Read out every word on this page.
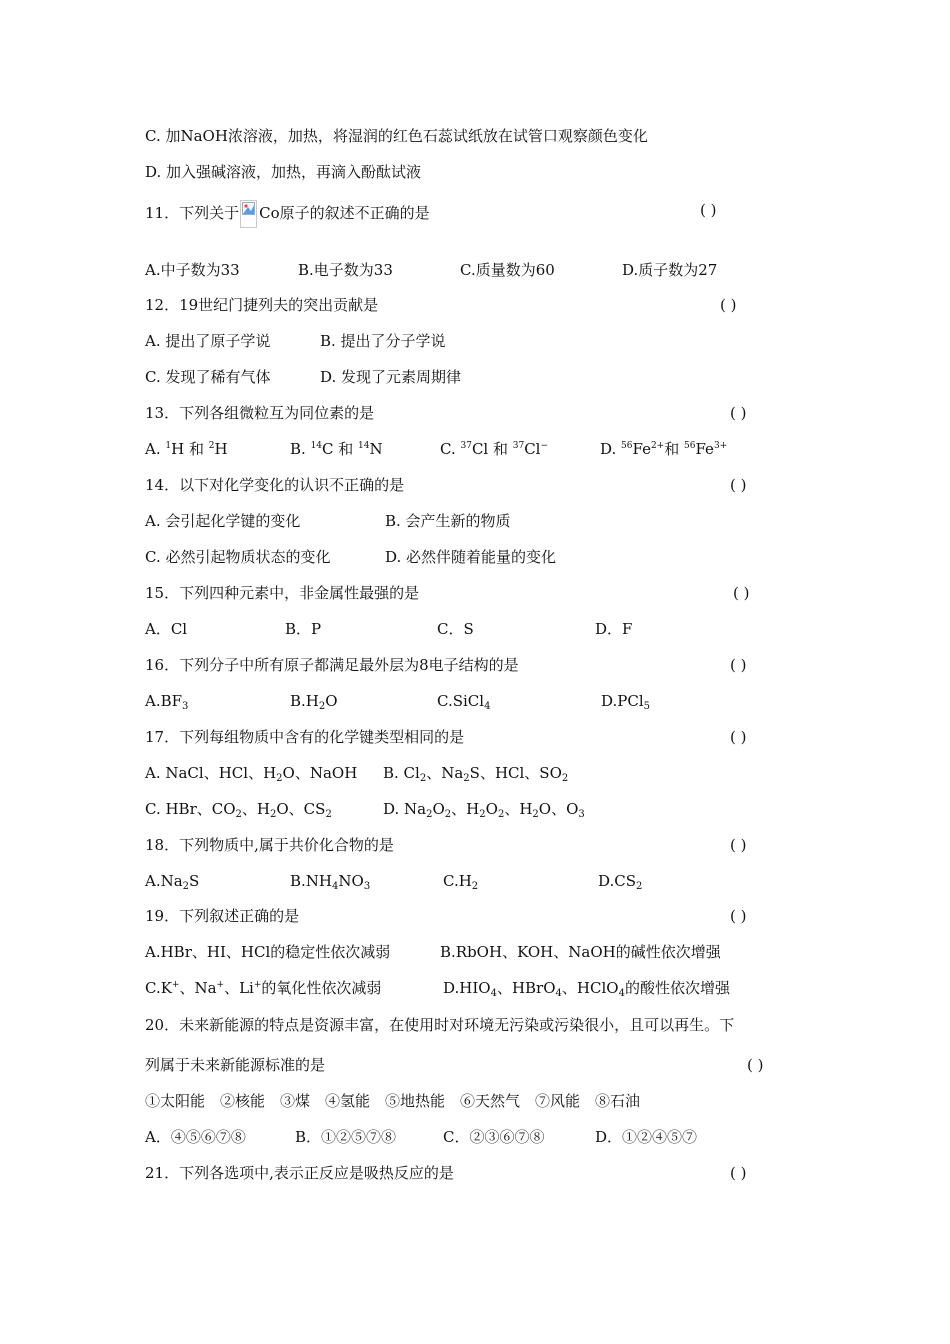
C. 加NaOH浓溶液，加热，将湿润的红色石蕊试纸放在试管口观察颜色变化
D. 加入强碱溶液，加热，再滴入酚酞试液
11．下列关于 Co原子的叙述不正确的是	( )
A.中子数为33	B.电子数为33	C.质量数为60	D.质子数为27
12．19世纪门捷列夫的突出贡献是	( )
A. 提出了原子学说	B. 提出了分子学说
C. 发现了稀有气体	D. 发现了元素周期律
13．下列各组微粒互为同位素的是	( )
A. $^1$H 和 $^2$H	B. $^{14}$C 和 $^{14}$N	C. $^{37}$Cl 和 $^{37}$Cl−	D. $^{56}Fe^{2+}$和 $^{56}Fe^{3+}$
14．以下对化学变化的认识不正确的是	( )
A. 会引起化学键的变化	B. 会产生新的物质
C. 必然引起物质状态的变化	D. 必然伴随着能量的变化
15．下列四种元素中，非金属性最强的是	( )
A．Cl	B．P	C．S	D．F
16．下列分子中所有原子都满足最外层为8电子结构的是	( )
$A.BF_3$	$B.H_2O$	C.SiCl$_4$	D.PCl$_5$
17．下列每组物质中含有的化学键类型相同的是	( )
A. NaCl、HCl、$H_2O$、NaOH B. $Cl_2$、$Na_2S$、HCl、$SO_2$
C. HBr、$CO_2$、$H_2O$、$CS_2$	D. $Na_2O_2$、$H_2O_2$、$H_2O$、$O_3$
18．下列物质中,属于共价化合物的是	( )
$A.Na_2S$	$B.NH_4NO_3$	$C.H_2$	$D.CS_2$
19．下列叙述正确的是	( )
A.HBr、HI、HCl的稳定性依次减弱	B.RbOH、KOH、NaOH的碱性依次增强
C.K+、Na+、Li+的氧化性依次减弱	$D.HIO_4$、HBrO$_4$、HClO$_4$的酸性依次增强
20．未来新能源的特点是资源丰富，在使用时对环境无污染或污染很小，且可以再生。下
列属于未来新能源标准的是	( )
①太阳能　②核能　③煤　④氢能　⑤地热能　⑥天然气　⑦风能　⑧石油
A．④⑤⑥⑦⑧	B．①②⑤⑦⑧	C．②③⑥⑦⑧	D．①②④⑤⑦
21．下列各选项中,表示正反应是吸热反应的是	( )
